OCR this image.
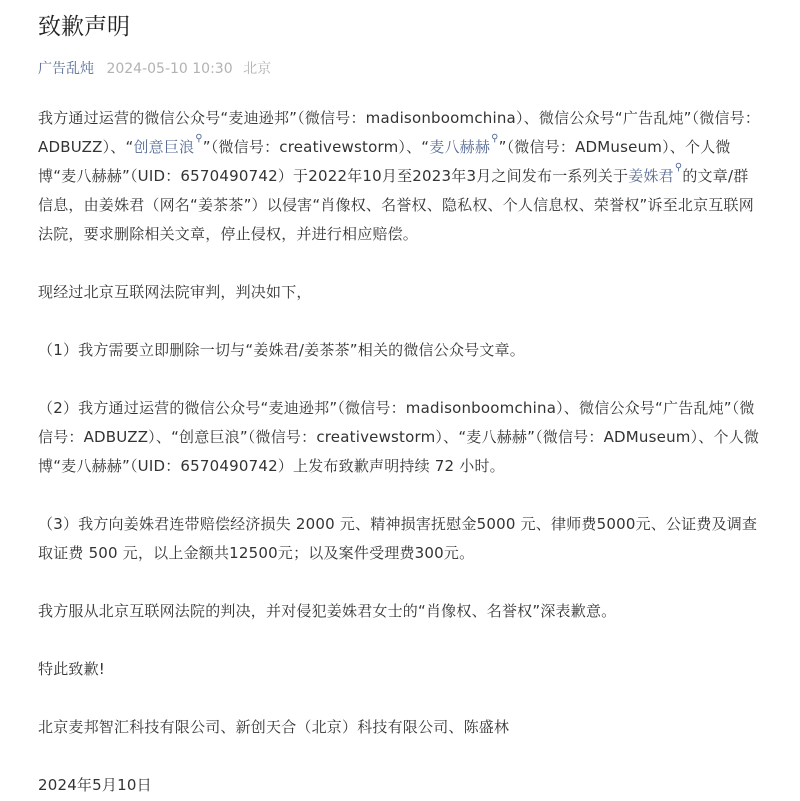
致歉声明
广告乱炖 2024-05-10 10:30 北京

我方通过运营的微信公众号“麦迪逊邦”（微信号：madisonboomchina）、微信公众号“广告乱炖”（微信号：ADBUZZ）、“创意巨浪⚲”（微信号：creativewstorm）、“麦八赫赫⚲”（微信号：ADMuseum）、个人微博“麦八赫赫”（UID：6570490742）于2022年10月至2023年3月之间发布一系列关于姜姝君⚲的文章/群信息，由姜姝君（网名“姜茶茶”）以侵害“肖像权、名誉权、隐私权、个人信息权、荣誉权”诉至北京互联网法院，要求删除相关文章，停止侵权，并进行相应赔偿。

现经过北京互联网法院审判，判决如下，

（1）我方需要立即删除一切与“姜姝君/姜茶茶”相关的微信公众号文章。

（2）我方通过运营的微信公众号“麦迪逊邦”（微信号：madisonboomchina）、微信公众号“广告乱炖”（微信号：ADBUZZ）、“创意巨浪”（微信号：creativewstorm）、“麦八赫赫”（微信号：ADMuseum）、个人微博“麦八赫赫”（UID：6570490742）上发布致歉声明持续 72 小时。

（3）我方向姜姝君连带赔偿经济损失 2000 元、精神损害抚慰金5000 元、律师费5000元、公证费及调查取证费 500 元，以上金额共12500元；以及案件受理费300元。

我方服从北京互联网法院的判决，并对侵犯姜姝君女士的“肖像权、名誉权”深表歉意。

特此致歉!

北京麦邦智汇科技有限公司、新创天合（北京）科技有限公司、陈盛林

2024年5月10日
